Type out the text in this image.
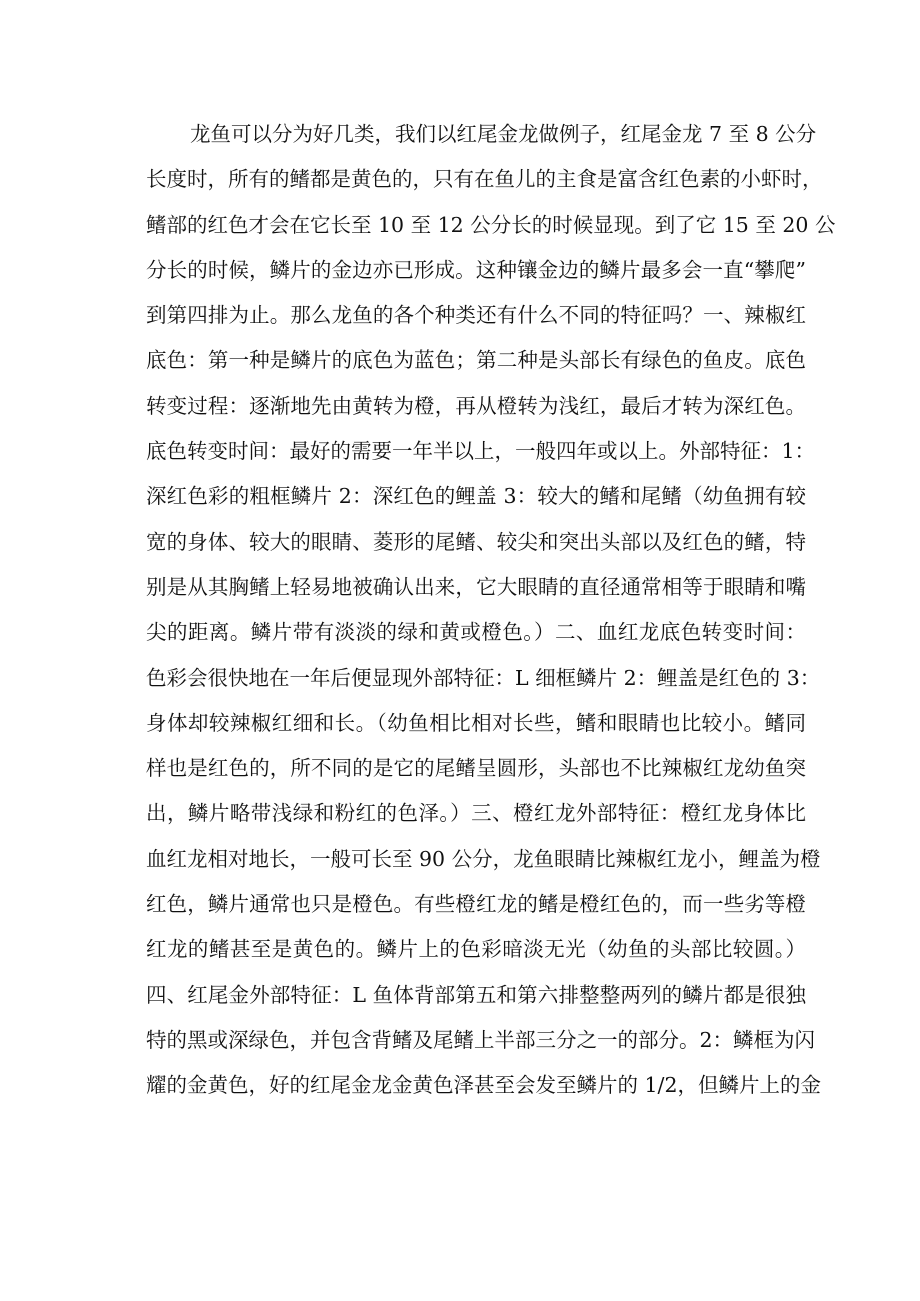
龙鱼可以分为好几类，我们以红尾金龙做例子，红尾金龙 7 至 8 公分
长度时，所有的鳍都是黄色的，只有在鱼儿的主食是富含红色素的小虾时，
鳍部的红色才会在它长至 10 至 12 公分长的时候显现。到了它 15 至 20 公
分长的时候，鳞片的金边亦已形成。这种镶金边的鳞片最多会一直“攀爬”
到第四排为止。那么龙鱼的各个种类还有什么不同的特征吗？一、辣椒红
底色：第一种是鳞片的底色为蓝色；第二种是头部长有绿色的鱼皮。底色
转变过程：逐渐地先由黄转为橙，再从橙转为浅红，最后才转为深红色。
底色转变时间：最好的需要一年半以上，一般四年或以上。外部特征：1：
深红色彩的粗框鳞片 2：深红色的鲤盖 3：较大的鳍和尾鳍（幼鱼拥有较
宽的身体、较大的眼睛、菱形的尾鳍、较尖和突出头部以及红色的鳍，特
别是从其胸鳍上轻易地被确认出来，它大眼睛的直径通常相等于眼睛和嘴
尖的距离。鳞片带有淡淡的绿和黄或橙色。）二、血红龙底色转变时间：
色彩会很快地在一年后便显现外部特征：L 细框鳞片 2：鲤盖是红色的 3：
身体却较辣椒红细和长。（幼鱼相比相对长些，鳍和眼睛也比较小。鳍同
样也是红色的，所不同的是它的尾鳍呈圆形，头部也不比辣椒红龙幼鱼突
出，鳞片略带浅绿和粉红的色泽。）三、橙红龙外部特征：橙红龙身体比
血红龙相对地长，一般可长至 90 公分，龙鱼眼睛比辣椒红龙小，鲤盖为橙
红色，鳞片通常也只是橙色。有些橙红龙的鳍是橙红色的，而一些劣等橙
红龙的鳍甚至是黄色的。鳞片上的色彩暗淡无光（幼鱼的头部比较圆。）
四、红尾金外部特征：L 鱼体背部第五和第六排整整两列的鳞片都是很独
特的黑或深绿色，并包含背鳍及尾鳍上半部三分之一的部分。2：鳞框为闪
耀的金黄色，好的红尾金龙金黄色泽甚至会发至鳞片的 1/2，但鳞片上的金
